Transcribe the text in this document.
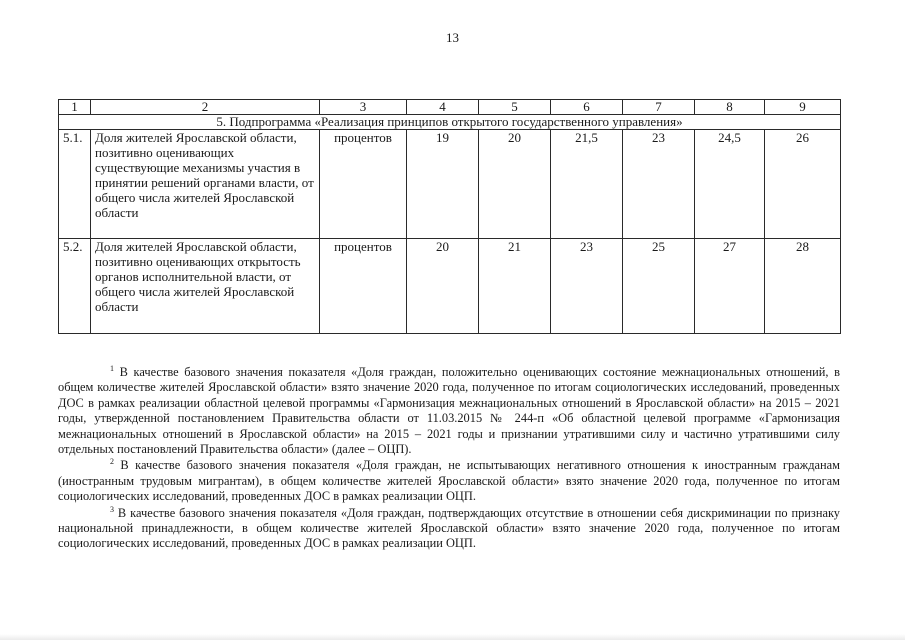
13
1	2	3	4	5	6	7	8	9
5. Подпрограмма «Реализация принципов открытого государственного управления»								
5.1.	Доля жителей Ярославской области, позитивно оценивающих существующие механизмы участия в принятии решений органами власти, от общего числа жителей Ярославской области	процентов	19	20	21,5	23	24,5	26
5.2.	Доля жителей Ярославской области, позитивно оценивающих открытость органов исполнительной власти, от общего числа жителей Ярославской области	процентов	20	21	23	25	27	28

$^1$ В качестве базового значения показателя «Доля граждан, положительно оценивающих состояние межнациональных отношений, в общем количестве жителей Ярославской области» взято значение 2020 года, полученное по итогам социологических исследований, проведенных ДОС в рамках реализации областной целевой программы «Гармонизация межнациональных отношений в Ярославской области» на 2015 – 2021 годы, утвержденной постановлением Правительства области от 11.03.2015 № 244-п «Об областной целевой программе «Гармонизация межнациональных отношений в Ярославской области» на 2015 – 2021 годы и признании утратившими силу и частично утратившими силу отдельных постановлений Правительства области» (далее – ОЦП).

$^2$ В качестве базового значения показателя «Доля граждан, не испытывающих негативного отношения к иностранным гражданам (иностранным трудовым мигрантам), в общем количестве жителей Ярославской области» взято значение 2020 года, полученное по итогам социологических исследований, проведенных ДОС в рамках реализации ОЦП.

$^3$ В качестве базового значения показателя «Доля граждан, подтверждающих отсутствие в отношении себя дискриминации по признаку национальной принадлежности, в общем количестве жителей Ярославской области» взято значение 2020 года, полученное по итогам социологических исследований, проведенных ДОС в рамках реализации ОЦП.
